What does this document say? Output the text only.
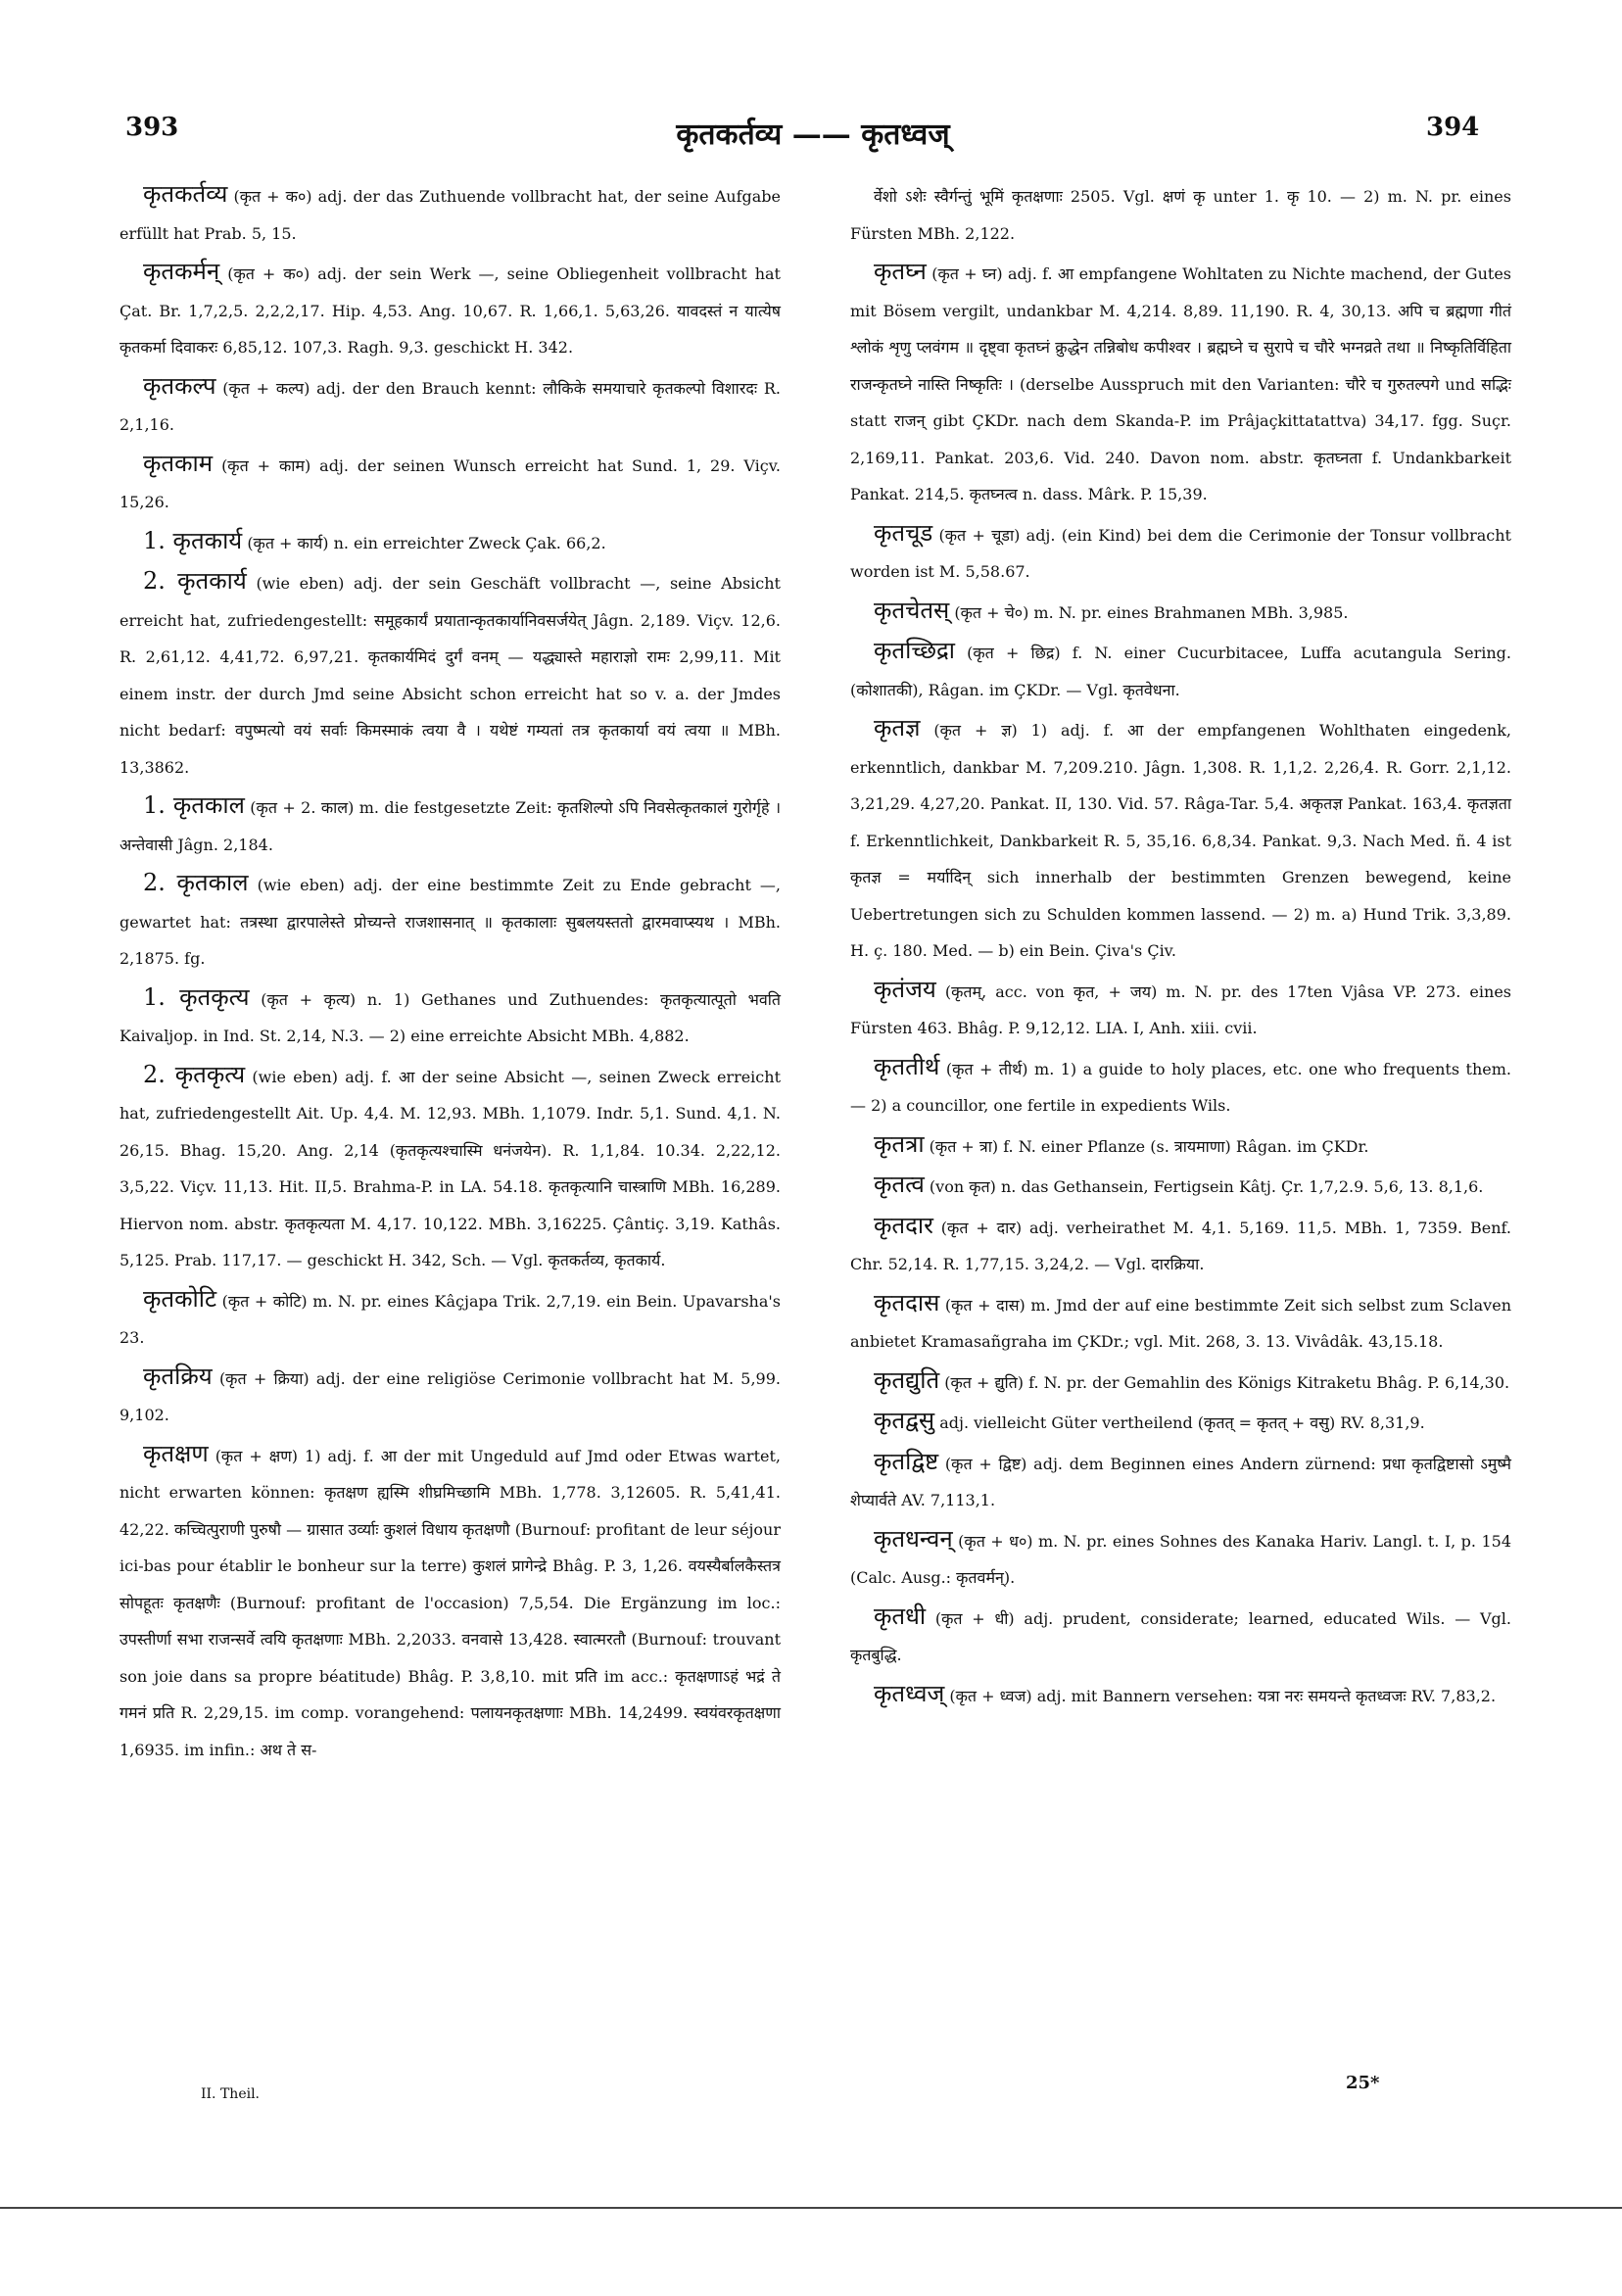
393	कृतकर्तव्य —— कृतध्वज्	394

कृतकर्तव्य (कृत + क०) adj. der das Zuthuende vollbracht hat, der seine Aufgabe erfüllt hat Prab. 5, 15.

कृतकर्मन् (कृत + क०) adj. der sein Werk —, seine Obliegenheit vollbracht hat Çat. Br. 1,7,2,5. 2,2,2,17. Hip. 4,53. Ang. 10,67. R. 1,66,1. 5,63,26. यावदस्तं न यात्येष कृतकर्मा दिवाकरः 6,85,12. 107,3. Ragh. 9,3. geschickt H. 342.

कृतकल्प (कृत + कल्प) adj. der den Brauch kennt: लौकिके समयाचारे कृतकल्पो विशारदः R. 2,1,16.

कृतकाम (कृत + काम) adj. der seinen Wunsch erreicht hat Sund. 1, 29. Viçv. 15,26.

1. कृतकार्य (कृत + कार्य) n. ein erreichter Zweck Çak. 66,2.

2. कृतकार्य (wie eben) adj. der sein Geschäft vollbracht —, seine Absicht erreicht hat, zufriedengestellt: समूहकार्यं प्रयातान्कृतकार्यानिवसर्जयेत् Jâgn. 2,189. Viçv. 12,6. R. 2,61,12. 4,41,72. 6,97,21. कृतकार्यमिदं दुर्गं वनम् — यद्ध्यास्ते महाराज्ञो रामः 2,99,11. Mit einem instr. der durch Jmd seine Absicht schon erreicht hat so v. a. der Jmdes nicht bedarf: वपुष्मत्यो वयं सर्वाः किमस्माकं त्वया वै । यथेष्टं गम्यतां तत्र कृतकार्या वयं त्वया ॥ MBh. 13,3862.

1. कृतकाल (कृत + 2. काल) m. die festgesetzte Zeit: कृतशिल्पो ऽपि निवसेत्कृतकालं गुरोर्गृहे । अन्तेवासी Jâgn. 2,184.

2. कृतकाल (wie eben) adj. der eine bestimmte Zeit zu Ende gebracht —, gewartet hat: तत्रस्था द्वारपालेस्ते प्रोच्यन्ते राजशासनात् ॥ कृतकालाः सुबलयस्ततो द्वारमवाप्स्यथ । MBh. 2,1875. fg.

1. कृतकृत्य (कृत + कृत्य) n. 1) Gethanes und Zuthuendes: कृतकृत्यात्पूतो भवति Kaivaljop. in Ind. St. 2,14, N.3. — 2) eine erreichte Absicht MBh. 4,882.

2. कृतकृत्य (wie eben) adj. f. आ der seine Absicht —, seinen Zweck erreicht hat, zufriedengestellt Ait. Up. 4,4. M. 12,93. MBh. 1,1079. Indr. 5,1. Sund. 4,1. N. 26,15. Bhag. 15,20. Ang. 2,14 (कृतकृत्यश्चास्मि धनंजयेन). R. 1,1,84. 10.34. 2,22,12. 3,5,22. Viçv. 11,13. Hit. II,5. Brahma-P. in LA. 54.18. कृतकृत्यानि चास्त्राणि MBh. 16,289. Hiervon nom. abstr. कृतकृत्यता M. 4,17. 10,122. MBh. 3,16225. Çântiç. 3,19. Kathâs. 5,125. Prab. 117,17. — geschickt H. 342, Sch. — Vgl. कृतकर्तव्य, कृतकार्य.

कृतकोटि (कृत + कोटि) m. N. pr. eines Kâçjapa Trik. 2,7,19. ein Bein. Upavarsha's 23.

कृतक्रिय (कृत + क्रिया) adj. der eine religiöse Cerimonie vollbracht hat M. 5,99. 9,102.

कृतक्षण (कृत + क्षण) 1) adj. f. आ der mit Ungeduld auf Jmd oder Etwas wartet, nicht erwarten können: कृतक्षण ह्यस्मि शीघ्रमिच्छामि MBh. 1,778. 3,12605. R. 5,41,41. 42,22. कच्चित्पुराणी पुरुषौ — ग्रासात उर्व्याः कुशलं विधाय कृतक्षणौ (Burnouf: profitant de leur séjour ici-bas pour établir le bonheur sur la terre) कुशलं प्रागेन्द्रे Bhâg. P. 3, 1,26. वयस्यैर्बालकैस्तत्र सोपहूतः कृतक्षणैः (Burnouf: profitant de l'occasion) 7,5,54. Die Ergänzung im loc.: उपस्तीर्णा सभा राजन्सर्वे त्वयि कृतक्षणाः MBh. 2,2033. वनवासे 13,428. स्वात्मरतौ (Burnouf: trouvant son joie dans sa propre béatitude) Bhâg. P. 3,8,10. mit प्रति im acc.: कृतक्षणाऽहं भद्रं ते गमनं प्रति R. 2,29,15. im comp. vorangehend: पलायनकृतक्षणाः MBh. 14,2499. स्वयंवरकृतक्षणा 1,6935. im infin.: अथ ते स-

र्वेशो ऽशेः स्वैर्गन्तुं भूमिं कृतक्षणाः 2505. Vgl. क्षणं कृ unter 1. कृ 10. — 2) m. N. pr. eines Fürsten MBh. 2,122.

कृतघ्न (कृत + घ्न) adj. f. आ empfangene Wohltaten zu Nichte machend, der Gutes mit Bösem vergilt, undankbar M. 4,214. 8,89. 11,190. R. 4, 30,13. अपि च ब्रह्मणा गीतं श्लोकं शृणु प्लवंगम ॥ दृष्ट्वा कृतघ्नं क्रुद्धेन तन्निबोध कपीश्वर । ब्रह्मघ्ने च सुरापे च चौरे भग्नव्रते तथा ॥ निष्कृतिर्विहिता राजन्कृतघ्ने नास्ति निष्कृतिः । (derselbe Ausspruch mit den Varianten: चौरे च गुरुतल्पगे und सद्भिः statt राजन् gibt ÇKDr. nach dem Skanda-P. im Prâjaçkittatattva) 34,17. fgg. Suçr. 2,169,11. Pankat. 203,6. Vid. 240. Davon nom. abstr. कृतघ्नता f. Undankbarkeit Pankat. 214,5. कृतघ्नत्व n. dass. Mârk. P. 15,39.

कृतचूड (कृत + चूडा) adj. (ein Kind) bei dem die Cerimonie der Tonsur vollbracht worden ist M. 5,58.67.

कृतचेतस् (कृत + चे०) m. N. pr. eines Brahmanen MBh. 3,985.

कृतच्छिद्रा (कृत + छिद्र) f. N. einer Cucurbitacee, Luffa acutangula Sering. (कोशातकी), Râgan. im ÇKDr. — Vgl. कृतवेधना.

कृतज्ञ (कृत + ज्ञ) 1) adj. f. आ der empfangenen Wohlthaten eingedenk, erkenntlich, dankbar M. 7,209.210. Jâgn. 1,308. R. 1,1,2. 2,26,4. R. Gorr. 2,1,12. 3,21,29. 4,27,20. Pankat. II, 130. Vid. 57. Râga-Tar. 5,4. अकृतज्ञ Pankat. 163,4. कृतज्ञता f. Erkenntlichkeit, Dankbarkeit R. 5, 35,16. 6,8,34. Pankat. 9,3. Nach Med. ñ. 4 ist कृतज्ञ = मर्यादिन् sich innerhalb der bestimmten Grenzen bewegend, keine Uebertretungen sich zu Schulden kommen lassend. — 2) m. a) Hund Trik. 3,3,89. H. ç. 180. Med. — b) ein Bein. Çiva's Çiv.

कृतंजय (कृतम्, acc. von कृत, + जय) m. N. pr. des 17ten Vjâsa VP. 273. eines Fürsten 463. Bhâg. P. 9,12,12. LIA. I, Anh. xiii. cvii.

कृततीर्थ (कृत + तीर्थ) m. 1) a guide to holy places, etc. one who frequents them. — 2) a councillor, one fertile in expedients Wils.

कृतत्रा (कृत + त्रा) f. N. einer Pflanze (s. त्रायमाणा) Râgan. im ÇKDr.

कृतत्व (von कृत) n. das Gethansein, Fertigsein Kâtj. Çr. 1,7,2.9. 5,6, 13. 8,1,6.

कृतदार (कृत + दार) adj. verheirathet M. 4,1. 5,169. 11,5. MBh. 1, 7359. Benf. Chr. 52,14. R. 1,77,15. 3,24,2. — Vgl. दारक्रिया.

कृतदास (कृत + दास) m. Jmd der auf eine bestimmte Zeit sich selbst zum Sclaven anbietet Kramasañgraha im ÇKDr.; vgl. Mit. 268, 3. 13. Vivâdâk. 43,15.18.

कृतद्युति (कृत + द्युति) f. N. pr. der Gemahlin des Königs Kitraketu Bhâg. P. 6,14,30.

कृतद्वसु adj. vielleicht Güter vertheilend (कृतत् = कृतत् + वसु) RV. 8,31,9.

कृतद्विष्ट (कृत + द्विष्ट) adj. dem Beginnen eines Andern zürnend: प्रधा कृतद्विष्टासो ऽमुष्मै शेप्यार्वते AV. 7,113,1.

कृतधन्वन् (कृत + ध०) m. N. pr. eines Sohnes des Kanaka Hariv. Langl. t. I, p. 154 (Calc. Ausg.: कृतवर्मन्).

कृतधी (कृत + धी) adj. prudent, considerate; learned, educated Wils. — Vgl. कृतबुद्धि.

कृतध्वज् (कृत + ध्वज) adj. mit Bannern versehen: यत्रा नरः समयन्ते कृतध्वजः RV. 7,83,2.

II. Theil.
25*
